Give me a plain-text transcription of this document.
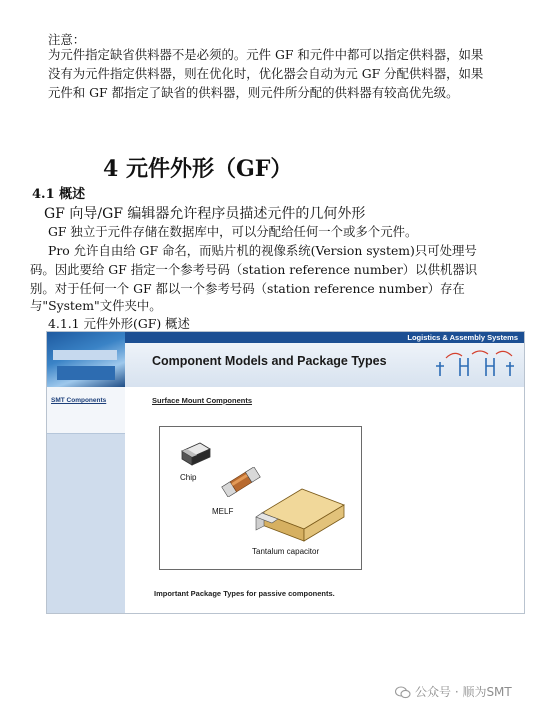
注意：
为元件指定缺省供料器不是必须的。元件 GF 和元件中都可以指定供料器，如果
没有为元件指定供料器，则在优化时，优化器会自动为元 GF 分配供料器，如果
元件和 GF 都指定了缺省的供料器，则元件所分配的供料器有较高优先级。
4 元件外形（GF）
4.1 概述
GF 向导/GF 编辑器允许程序员描述元件的几何外形
GF 独立于元件存储在数据库中，可以分配给任何一个或多个元件。
Pro 允许自由给 GF 命名，而贴片机的视像系统(Version system)只可处理号
码。因此要给 GF 指定一个参考号码（station reference number）以供机器识
别。对于任何一个 GF 都以一个参考号码（station reference number）存在
与"System"文件夹中。
4.1.1 元件外形(GF) 概述
Logistics & Assembly Systems
Component Models and Package Types
SMT Components	Surface Mount Components
Chip
MELF
Tantalum capacitor
Important Package Types for passive components.
公众号 · 顺为SMT
